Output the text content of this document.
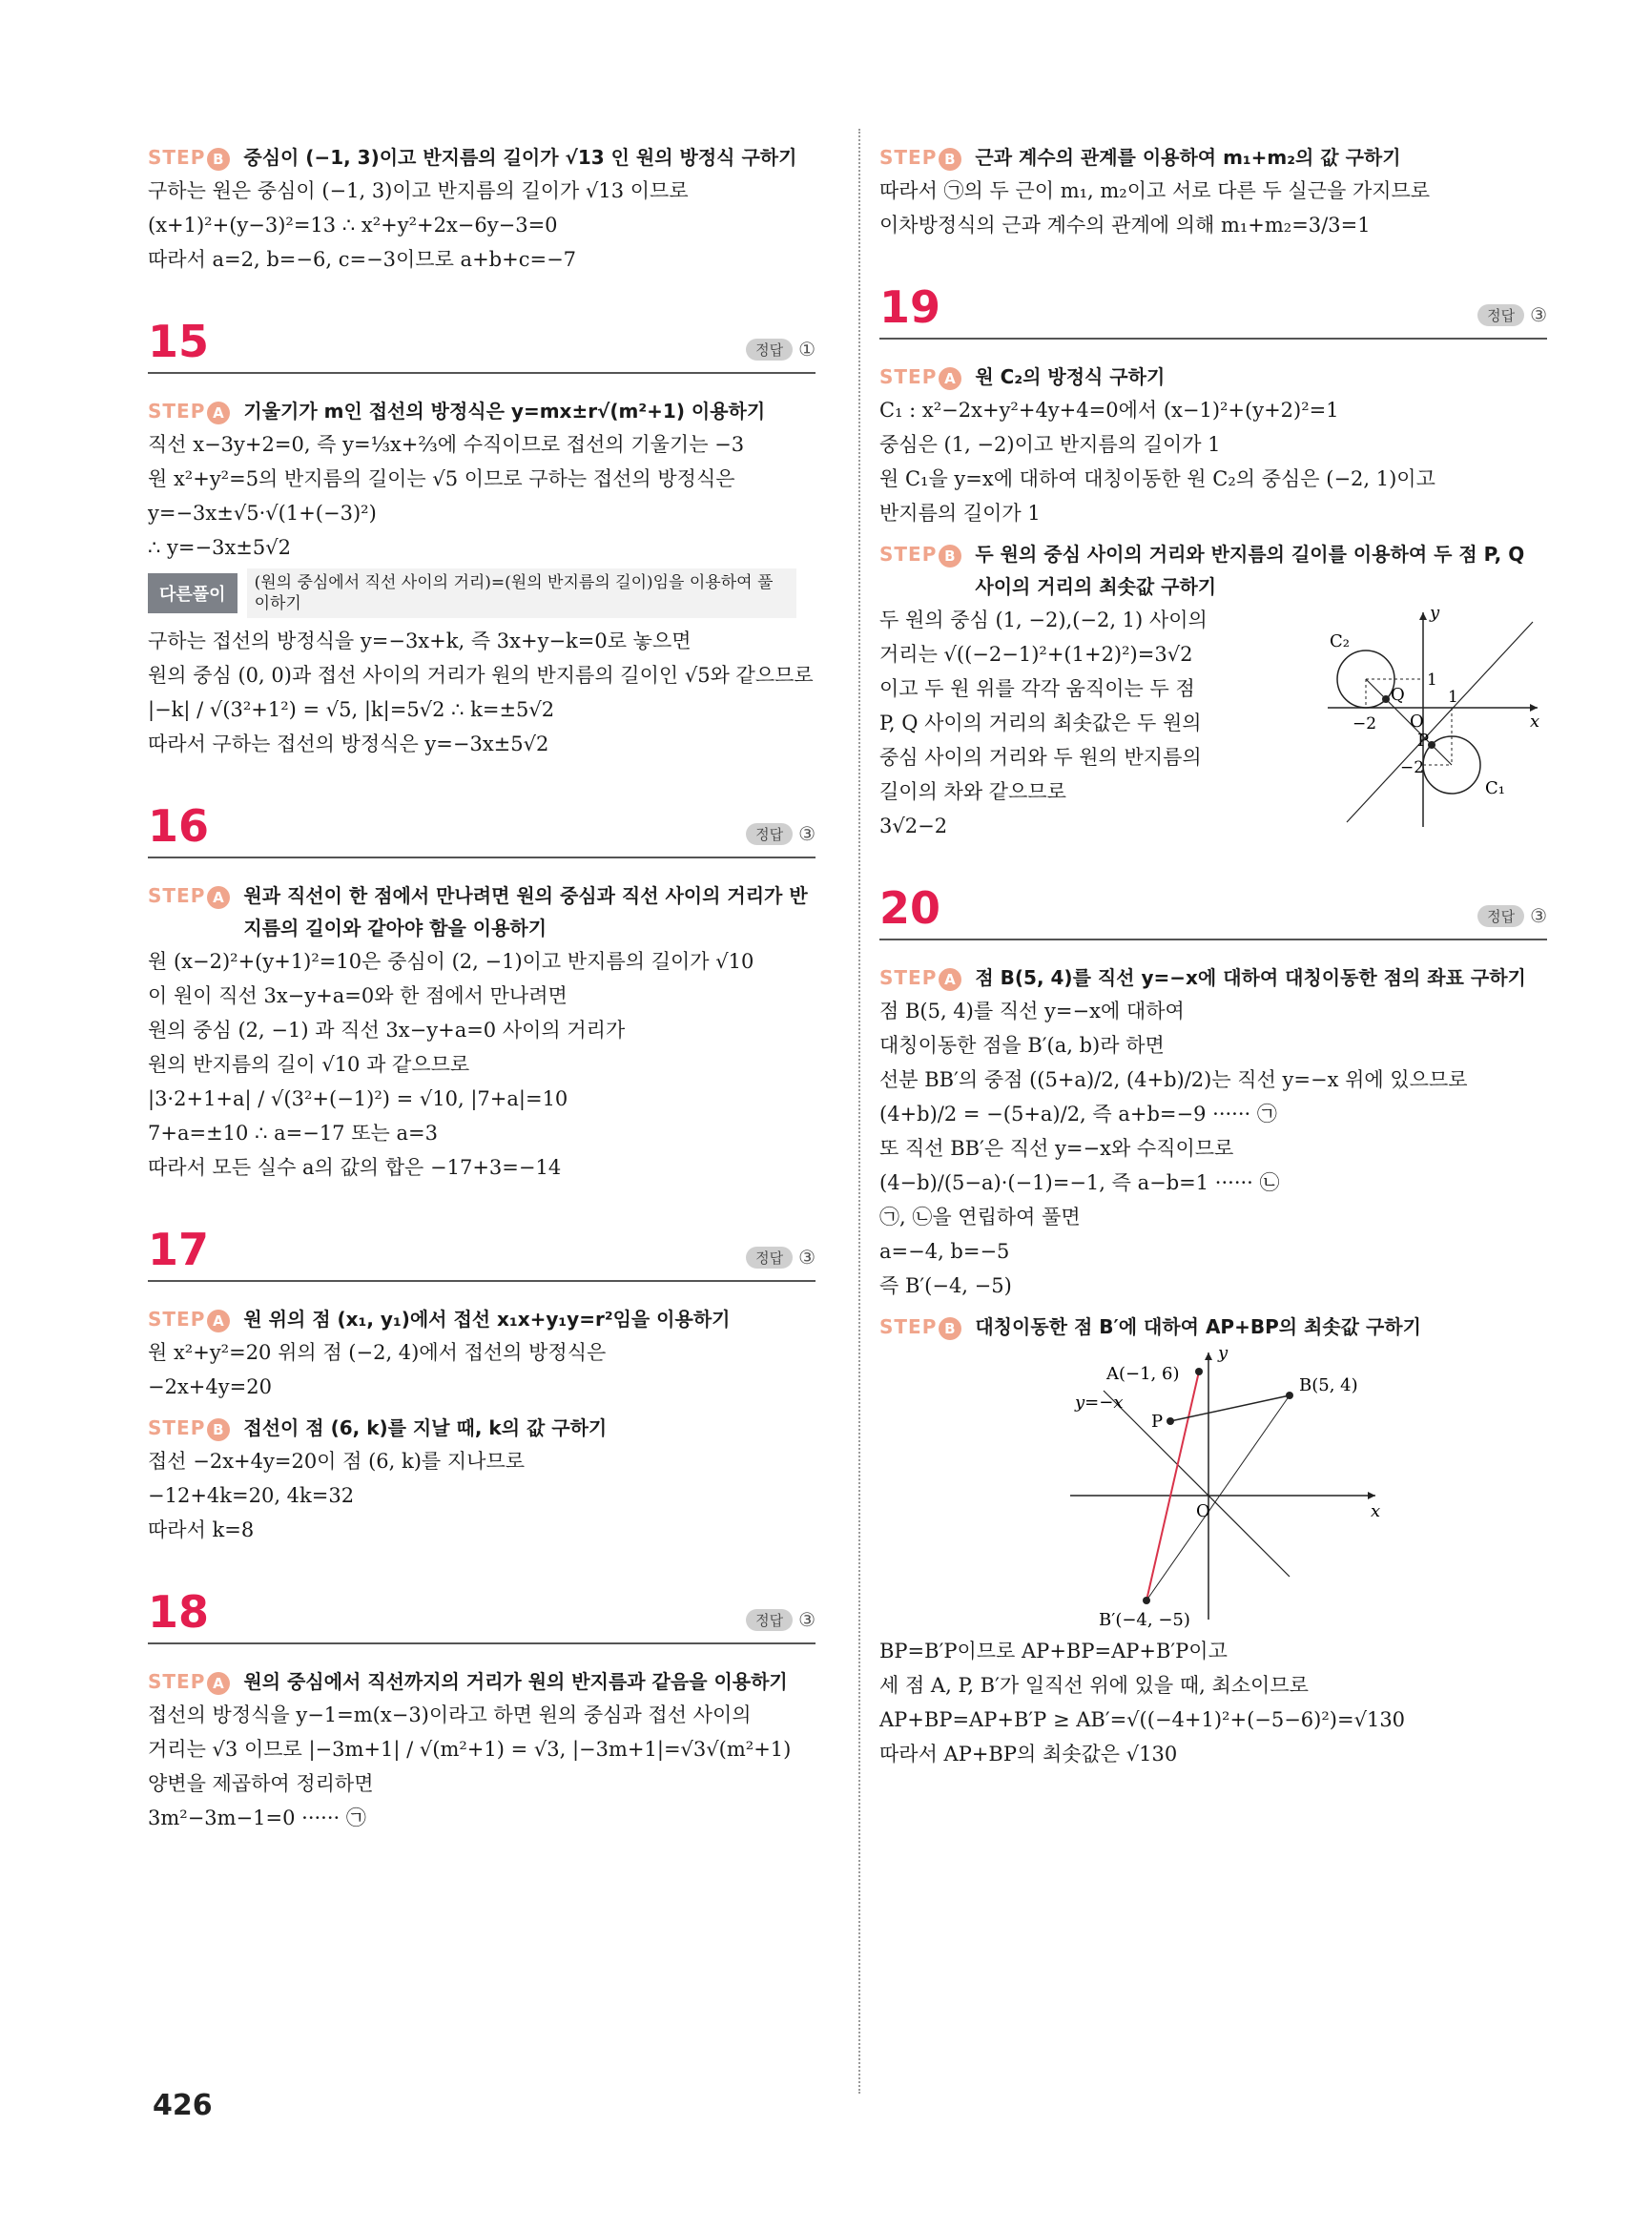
STEP B 중심이 (−1, 3)이고 반지름의 길이가 √13 인 원의 방정식 구하기
구하는 원은 중심이 (−1, 3)이고 반지름의 길이가 √13 이므로
(x+1)²+(y−3)²=13 ∴ x²+y²+2x−6y−3=0
따라서 a=2, b=−6, c=−3이므로 a+b+c=−7
15	정답 ①
STEP A 기울기가 m인 접선의 방정식은 y=mx±r√(m²+1) 이용하기
직선 x−3y+2=0, 즉 y=⅓x+⅔에 수직이므로 접선의 기울기는 −3
원 x²+y²=5의 반지름의 길이는 √5 이므로 구하는 접선의 방정식은
y=−3x±√5·√(1+(−3)²)
∴ y=−3x±5√2
다른풀이
(원의 중심에서 직선 사이의 거리)=(원의 반지름의 길이)임을 이용하여 풀이하기
구하는 접선의 방정식을 y=−3x+k, 즉 3x+y−k=0로 놓으면
원의 중심 (0, 0)과 접선 사이의 거리가 원의 반지름의 길이인 √5와 같으므로
|−k| / √(3²+1²) = √5, |k|=5√2 ∴ k=±5√2
따라서 구하는 접선의 방정식은 y=−3x±5√2
16	정답 ③
STEP A 원과 직선이 한 점에서 만나려면 원의 중심과 직선 사이의 거리가 반지름의 길이와 같아야 함을 이용하기
원 (x−2)²+(y+1)²=10은 중심이 (2, −1)이고 반지름의 길이가 √10
이 원이 직선 3x−y+a=0와 한 점에서 만나려면
원의 중심 (2, −1) 과 직선 3x−y+a=0 사이의 거리가
원의 반지름의 길이 √10 과 같으므로
|3·2+1+a| / √(3²+(−1)²) = √10, |7+a|=10
7+a=±10 ∴ a=−17 또는 a=3
따라서 모든 실수 a의 값의 합은 −17+3=−14
17	정답 ③
STEP A 원 위의 점 (x₁, y₁)에서 접선 x₁x+y₁y=r²임을 이용하기
원 x²+y²=20 위의 점 (−2, 4)에서 접선의 방정식은
−2x+4y=20
STEP B 접선이 점 (6, k)를 지날 때, k의 값 구하기
접선 −2x+4y=20이 점 (6, k)를 지나므로
−12+4k=20, 4k=32
따라서 k=8
18	정답 ③
STEP A 원의 중심에서 직선까지의 거리가 원의 반지름과 같음을 이용하기
접선의 방정식을 y−1=m(x−3)이라고 하면 원의 중심과 접선 사이의
거리는 √3 이므로 |−3m+1| / √(m²+1) = √3, |−3m+1|=√3√(m²+1)
양변을 제곱하여 정리하면
3m²−3m−1=0 ······ ㉠
STEP B 근과 계수의 관계를 이용하여 m₁+m₂의 값 구하기
따라서 ㉠의 두 근이 m₁, m₂이고 서로 다른 두 실근을 가지므로
이차방정식의 근과 계수의 관계에 의해 m₁+m₂=3/3=1
19	정답 ③
STEP A 원 C₂의 방정식 구하기
C₁ : x²−2x+y²+4y+4=0에서 (x−1)²+(y+2)²=1
중심은 (1, −2)이고 반지름의 길이가 1
원 C₁을 y=x에 대하여 대칭이동한 원 C₂의 중심은 (−2, 1)이고
반지름의 길이가 1
STEP B 두 원의 중심 사이의 거리와 반지름의 길이를 이용하여 두 점 P, Q 사이의 거리의 최솟값 구하기
두 원의 중심 (1, −2),(−2, 1) 사이의
거리는 √((−2−1)²+(1+2)²)=3√2
이고 두 원 위를 각각 움직이는 두 점
P, Q 사이의 거리의 최솟값은 두 원의
중심 사이의 거리와 두 원의 반지름의
길이의 차와 같으므로
3√2−2
y
x
O
C₂
C₁
Q
P
1
1
−2
−2
20	정답 ③
STEP A 점 B(5, 4)를 직선 y=−x에 대하여 대칭이동한 점의 좌표 구하기
점 B(5, 4)를 직선 y=−x에 대하여
대칭이동한 점을 B′(a, b)라 하면
선분 BB′의 중점 ((5+a)/2, (4+b)/2)는 직선 y=−x 위에 있으므로
(4+b)/2 = −(5+a)/2, 즉 a+b=−9 ······ ㉠
또 직선 BB′은 직선 y=−x와 수직이므로
(4−b)/(5−a)·(−1)=−1, 즉 a−b=1 ······ ㉡
㉠, ㉡을 연립하여 풀면
a=−4, b=−5
즉 B′(−4, −5)
STEP B 대칭이동한 점 B′에 대하여 AP+BP의 최솟값 구하기
y
x
O
A(−1, 6)
B(5, 4)
B′(−4, −5)
P
y=−x
BP=B′P이므로 AP+BP=AP+B′P이고
세 점 A, P, B′가 일직선 위에 있을 때, 최소이므로
AP+BP=AP+B′P ≥ AB′=√((−4+1)²+(−5−6)²)=√130
따라서 AP+BP의 최솟값은 √130
426
